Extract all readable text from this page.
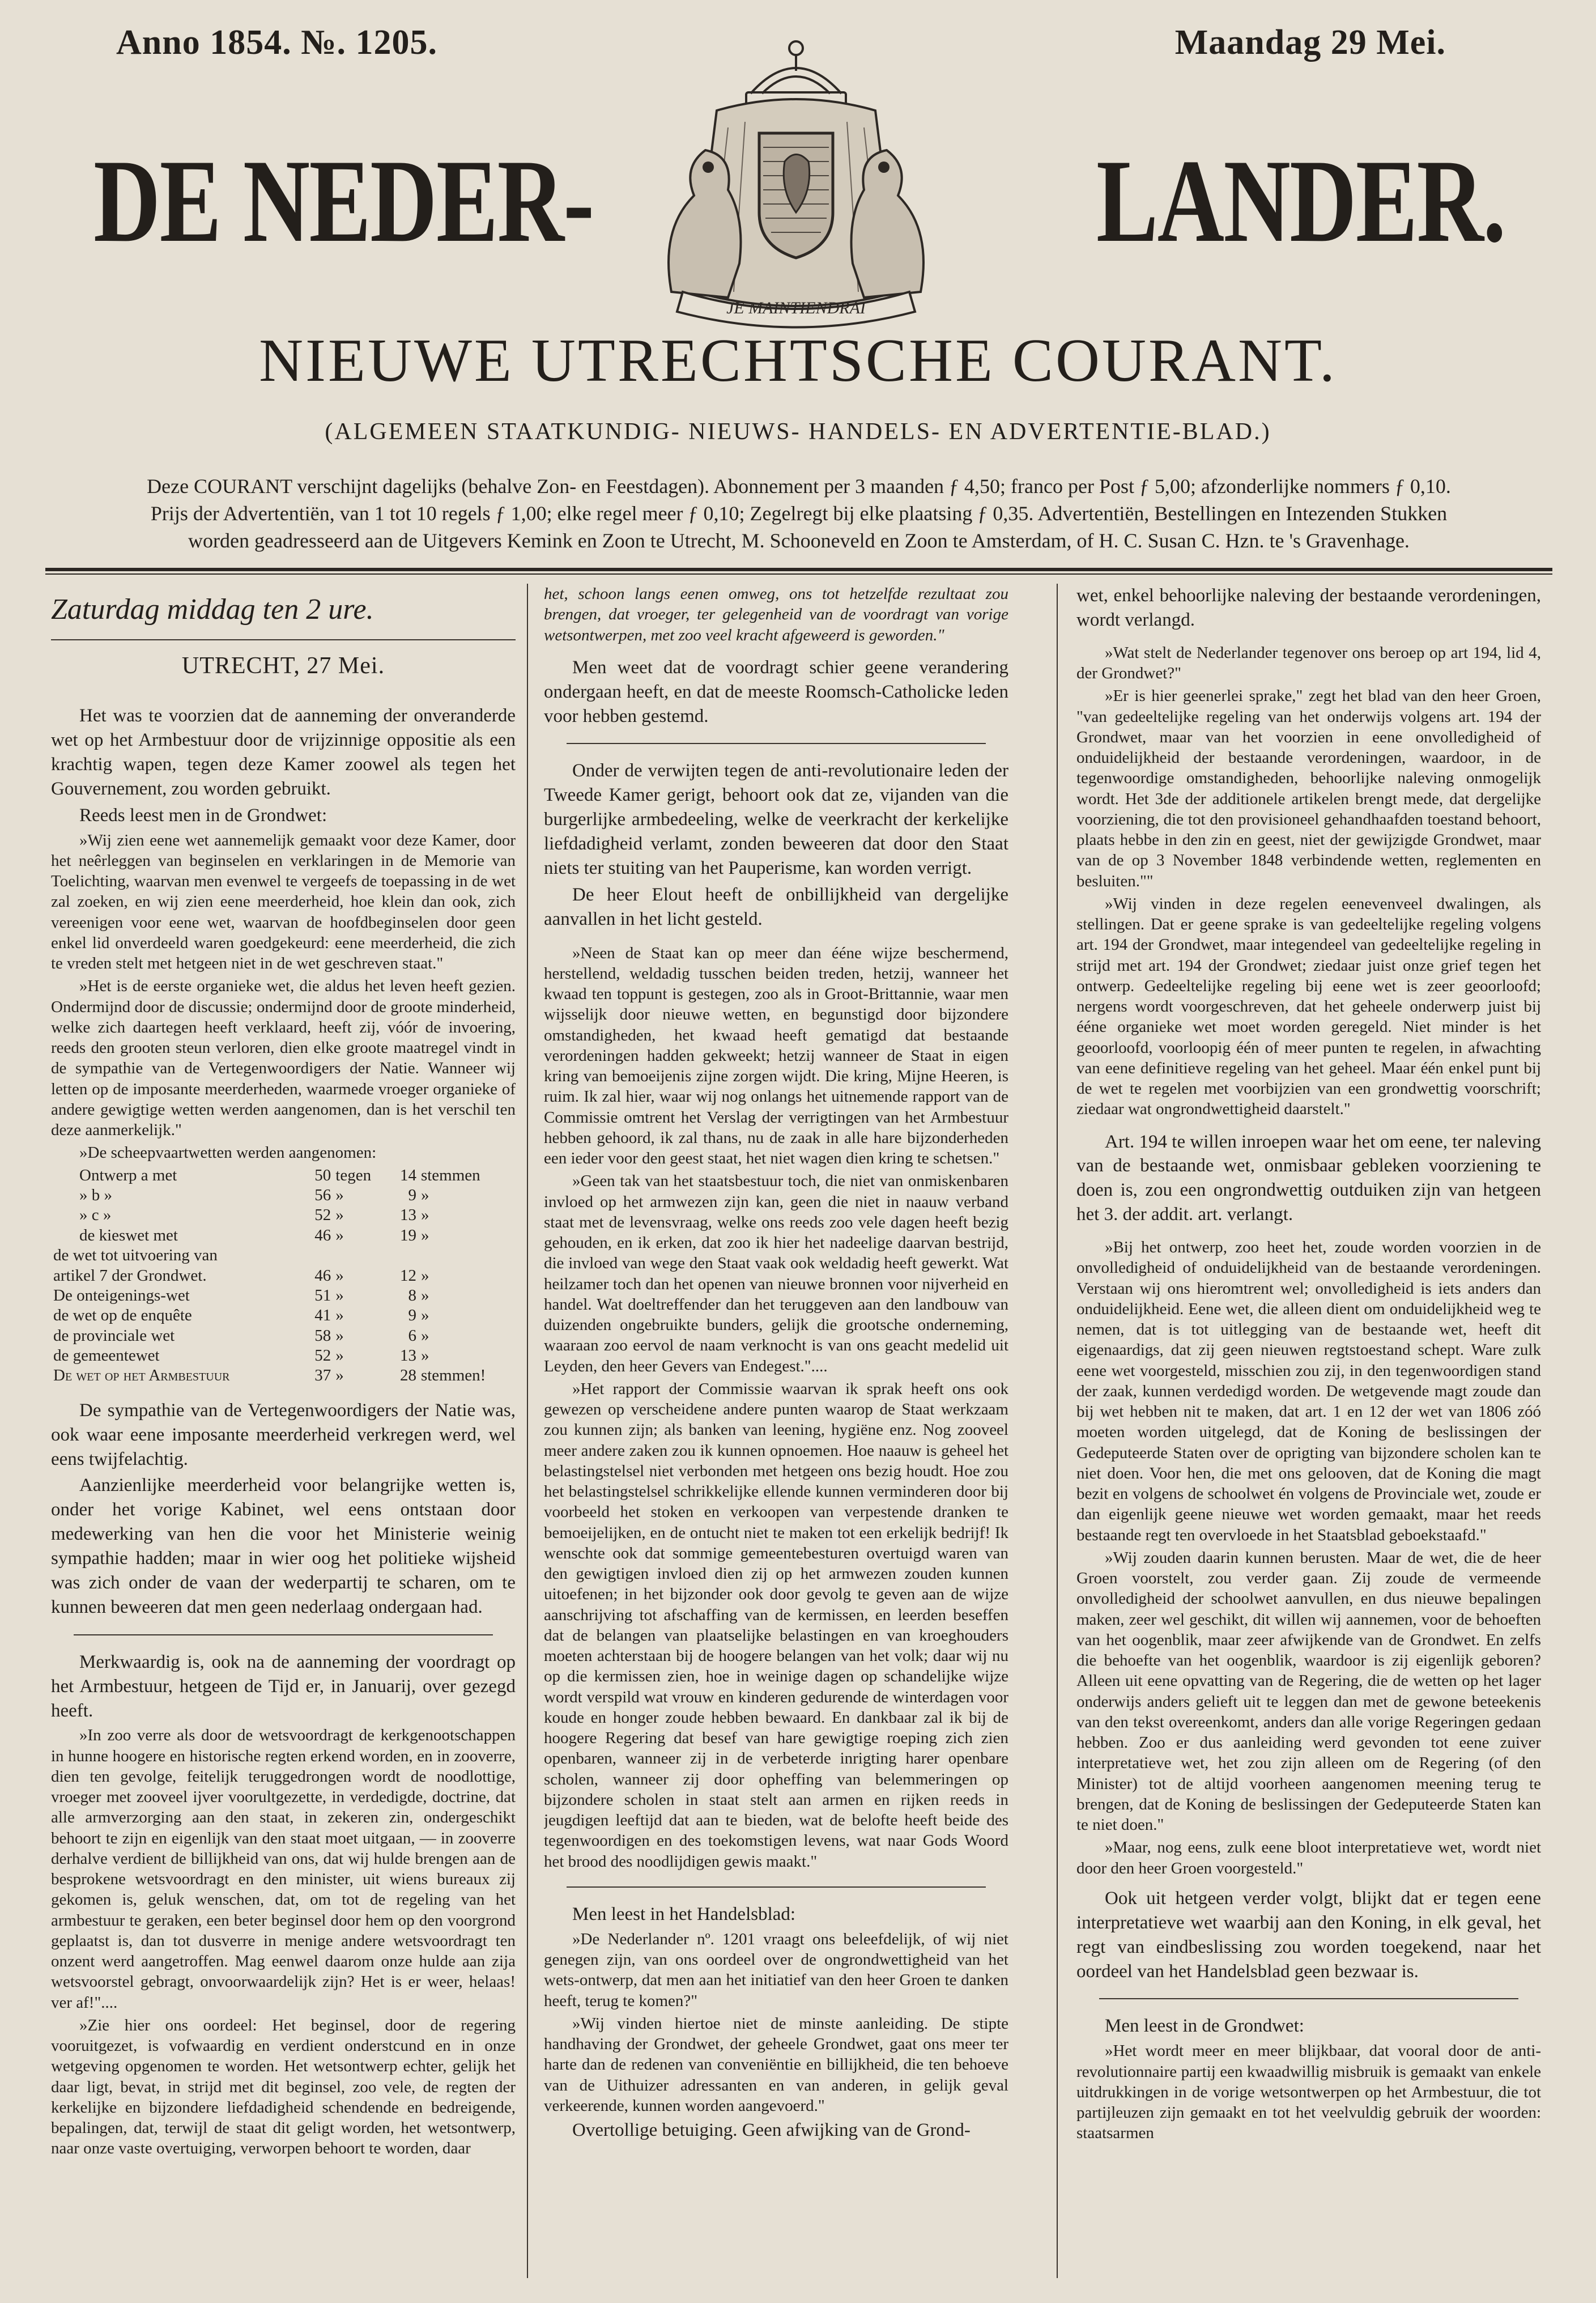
Anno 1854. №. 1205.	Maandag 29 Mei.
DE NEDER-	LANDER.
JE MAINTIENDRAI
NIEUWE UTRECHTSCHE COURANT.
(ALGEMEEN STAATKUNDIG- NIEUWS- HANDELS- EN ADVERTENTIE-BLAD.)
Deze COURANT verschijnt dagelijks (behalve Zon- en Feestdagen). Abonnement per 3 maanden ƒ 4,50; franco per Post ƒ 5,00; afzonderlijke nommers ƒ 0,10.
Prijs der Advertentiën, van 1 tot 10 regels ƒ 1,00; elke regel meer ƒ 0,10; Zegelregt bij elke plaatsing ƒ 0,35. Advertentiën, Bestellingen en Intezenden Stukken
worden geadresseerd aan de Uitgevers Kemink en Zoon te Utrecht, M. Schooneveld en Zoon te Amsterdam, of H. C. Susan C. Hzn. te 's Gravenhage.
Zaturdag middag ten 2 ure.
UTRECHT, 27 Mei.

Het was te voorzien dat de aanneming der onveranderde wet op het Armbestuur door de vrijzinnige oppositie als een krachtig wapen, tegen deze Kamer zoowel als tegen het Gouvernement, zou worden gebruikt.

Reeds leest men in de Grondwet:

»Wij zien eene wet aannemelijk gemaakt voor deze Kamer, door het neêrleggen van beginselen en verklaringen in de Memorie van Toelichting, waarvan men evenwel te vergeefs de toepassing in de wet zal zoeken, en wij zien eene meerderheid, hoe klein dan ook, zich vereenigen voor eene wet, waarvan de hoofdbeginselen door geen enkel lid onverdeeld waren goedgekeurd: eene meerderheid, die zich te vreden stelt met hetgeen niet in de wet geschreven staat."

»Het is de eerste organieke wet, die aldus het leven heeft gezien. Ondermijnd door de discussie; ondermijnd door de groote minderheid, welke zich daartegen heeft verklaard, heeft zij, vóór de invoering, reeds den grooten steun verloren, dien elke groote maatregel vindt in de sympathie van de Vertegenwoordigers der Natie. Wanneer wij letten op de imposante meerderheden, waarmede vroeger organieke of andere gewigtige wetten werden aangenomen, dan is het verschil ten deze aanmerkelijk."

»De scheepvaartwetten werden aangenomen:

Ontwerp a met	50	tegen	14	stemmen
» b »	56	»	9	»
» c »	52	»	13	»
de kieswet met	46	»	19	»
de wet tot uitvoering van				
artikel 7 der Grondwet.	46	»	12	»
De onteigenings-wet	51	»	8	»
de wet op de enquête	41	»	9	»
de provinciale wet	58	»	6	»
de gemeentewet	52	»	13	»
De wet op het Armbestuur	37	»	28	stemmen!

De sympathie van de Vertegenwoordigers der Natie was, ook waar eene imposante meerderheid verkregen werd, wel eens twijfelachtig.

Aanzienlijke meerderheid voor belangrijke wetten is, onder het vorige Kabinet, wel eens ontstaan door medewerking van hen die voor het Ministerie weinig sympathie hadden; maar in wier oog het politieke wijsheid was zich onder de vaan der wederpartij te scharen, om te kunnen beweeren dat men geen nederlaag ondergaan had.

Merkwaardig is, ook na de aanneming der voordragt op het Armbestuur, hetgeen de Tijd er, in Januarij, over gezegd heeft.

»In zoo verre als door de wetsvoordragt de kerkgenootschappen in hunne hoogere en historische regten erkend worden, en in zooverre, dien ten gevolge, feitelijk teruggedrongen wordt de noodlottige, vroeger met zooveel ijver voorultgezette, in verdedigde, doctrine, dat alle armverzorging aan den staat, in zekeren zin, ondergeschikt behoort te zijn en eigenlijk van den staat moet uitgaan, — in zooverre derhalve verdient de billijkheid van ons, dat wij hulde brengen aan de besprokene wetsvoordragt en den minister, uit wiens bureaux zij gekomen is, geluk wenschen, dat, om tot de regeling van het armbestuur te geraken, een beter beginsel door hem op den voorgrond geplaatst is, dan tot dusverre in menige andere wetsvoordragt ten onzent werd aangetroffen. Mag eenwel daarom onze hulde aan zija wetsvoorstel gebragt, onvoorwaardelijk zijn? Het is er weer, helaas! ver af!"....

»Zie hier ons oordeel: Het beginsel, door de regering vooruitgezet, is vofwaardig en verdient onderstcund en in onze wetgeving opgenomen te worden. Het wetsontwerp echter, gelijk het daar ligt, bevat, in strijd met dit beginsel, zoo vele, de regten der kerkelijke en bijzondere liefdadigheid schendende en bedreigende, bepalingen, dat, terwijl de staat dit geligt worden, het wetsontwerp, naar onze vaste overtuiging, verworpen behoort te worden, daar

het, schoon langs eenen omweg, ons tot hetzelfde rezultaat zou brengen, dat vroeger, ter gelegenheid van de voordragt van vorige wetsontwerpen, met zoo veel kracht afgeweerd is geworden."

Men weet dat de voordragt schier geene verandering ondergaan heeft, en dat de meeste Roomsch-Catholicke leden voor hebben gestemd.

Onder de verwijten tegen de anti-revolutionaire leden der Tweede Kamer gerigt, behoort ook dat ze, vijanden van die burgerlijke armbedeeling, welke de veerkracht der kerkelijke liefdadigheid verlamt, zonden beweeren dat door den Staat niets ter stuiting van het Pauperisme, kan worden verrigt.

De heer Elout heeft de onbillijkheid van dergelijke aanvallen in het licht gesteld.

»Neen de Staat kan op meer dan ééne wijze beschermend, herstellend, weldadig tusschen beiden treden, hetzij, wanneer het kwaad ten toppunt is gestegen, zoo als in Groot-Brittannie, waar men wijsselijk door nieuwe wetten, en begunstigd door bijzondere omstandigheden, het kwaad heeft gematigd dat bestaande verordeningen hadden gekweekt; hetzij wanneer de Staat in eigen kring van bemoeijenis zijne zorgen wijdt. Die kring, Mijne Heeren, is ruim. Ik zal hier, waar wij nog onlangs het uitnemende rapport van de Commissie omtrent het Verslag der verrigtingen van het Armbestuur hebben gehoord, ik zal thans, nu de zaak in alle hare bijzonderheden een ieder voor den geest staat, het niet wagen dien kring te schetsen."

»Geen tak van het staatsbestuur toch, die niet van onmiskenbaren invloed op het armwezen zijn kan, geen die niet in naauw verband staat met de levensvraag, welke ons reeds zoo vele dagen heeft bezig gehouden, en ik erken, dat zoo ik hier het nadeelige daarvan bestrijd, die invloed van wege den Staat vaak ook weldadig heeft gewerkt. Wat heilzamer toch dan het openen van nieuwe bronnen voor nijverheid en handel. Wat doeltreffender dan het teruggeven aan den landbouw van duizenden ongebruikte bunders, gelijk die grootsche onderneming, waaraan zoo eervol de naam verknocht is van ons geacht medelid uit Leyden, den heer Gevers van Endegest."....

»Het rapport der Commissie waarvan ik sprak heeft ons ook gewezen op verscheidene andere punten waarop de Staat werkzaam zou kunnen zijn; als banken van leening, hygiëne enz. Nog zooveel meer andere zaken zou ik kunnen opnoemen. Hoe naauw is geheel het belastingstelsel niet verbonden met hetgeen ons bezig houdt. Hoe zou het belastingstelsel schrikkelijke ellende kunnen verminderen door bij voorbeeld het stoken en verkoopen van verpestende dranken te bemoeijelijken, en de ontucht niet te maken tot een erkelijk bedrijf! Ik wenschte ook dat sommige gemeentebesturen overtuigd waren van den gewigtigen invloed dien zij op het armwezen zouden kunnen uitoefenen; in het bijzonder ook door gevolg te geven aan de wijze aanschrijving tot afschaffing van de kermissen, en leerden beseffen dat de belangen van plaatselijke belastingen en van kroeghouders moeten achterstaan bij de hoogere belangen van het volk; daar wij nu op die kermissen zien, hoe in weinige dagen op schandelijke wijze wordt verspild wat vrouw en kinderen gedurende de winterdagen voor koude en honger zoude hebben bewaard. En dankbaar zal ik bij de hoogere Regering dat besef van hare gewigtige roeping zich zien openbaren, wanneer zij in de verbeterde inrigting harer openbare scholen, wanneer zij door opheffing van belemmeringen op bijzondere scholen in staat stelt aan armen en rijken reeds in jeugdigen leeftijd dat aan te bieden, wat de belofte heeft beide des tegenwoordigen en des toekomstigen levens, wat naar Gods Woord het brood des noodlijdigen gewis maakt."

Men leest in het Handelsblad:

»De Nederlander nº. 1201 vraagt ons beleefdelijk, of wij niet genegen zijn, van ons oordeel over de ongrondwettigheid van het wets-ontwerp, dat men aan het initiatief van den heer Groen te danken heeft, terug te komen?"

»Wij vinden hiertoe niet de minste aanleiding. De stipte handhaving der Grondwet, der geheele Grondwet, gaat ons meer ter harte dan de redenen van conveniëntie en billijkheid, die ten behoeve van de Uithuizer adressanten en van anderen, in gelijk geval verkeerende, kunnen worden aangevoerd."

Overtollige betuiging. Geen afwijking van de Grond-

wet, enkel behoorlijke naleving der bestaande verordeningen, wordt verlangd.

»Wat stelt de Nederlander tegenover ons beroep op art 194, lid 4, der Grondwet?"

»Er is hier geenerlei sprake," zegt het blad van den heer Groen, "van gedeeltelijke regeling van het onderwijs volgens art. 194 der Grondwet, maar van het voorzien in eene onvolledigheid of onduidelijkheid der bestaande verordeningen, waardoor, in de tegenwoordige omstandigheden, behoorlijke naleving onmogelijk wordt. Het 3de der additionele artikelen brengt mede, dat dergelijke voorziening, die tot den provisioneel gehandhaafden toestand behoort, plaats hebbe in den zin en geest, niet der gewijzigde Grondwet, maar van de op 3 November 1848 verbindende wetten, reglementen en besluiten.""

»Wij vinden in deze regelen eenevenveel dwalingen, als stellingen. Dat er geene sprake is van gedeeltelijke regeling volgens art. 194 der Grondwet, maar integendeel van gedeeltelijke regeling in strijd met art. 194 der Grondwet; ziedaar juist onze grief tegen het ontwerp. Gedeeltelijke regeling bij eene wet is zeer geoorloofd; nergens wordt voorgeschreven, dat het geheele onderwerp juist bij ééne organieke wet moet worden geregeld. Niet minder is het geoorloofd, voorloopig één of meer punten te regelen, in afwachting van eene definitieve regeling van het geheel. Maar één enkel punt bij de wet te regelen met voorbijzien van een grondwettig voorschrift; ziedaar wat ongrondwettigheid daarstelt."

Art. 194 te willen inroepen waar het om eene, ter naleving van de bestaande wet, onmisbaar gebleken voorziening te doen is, zou een ongrondwettig outduiken zijn van hetgeen het 3. der addit. art. verlangt.

»Bij het ontwerp, zoo heet het, zoude worden voorzien in de onvolledigheid of onduidelijkheid van de bestaande verordeningen. Verstaan wij ons hieromtrent wel; onvolledigheid is iets anders dan onduidelijkheid. Eene wet, die alleen dient om onduidelijkheid weg te nemen, dat is tot uitlegging van de bestaande wet, heeft dit eigenaardigs, dat zij geen nieuwen regtstoestand schept. Ware zulk eene wet voorgesteld, misschien zou zij, in den tegenwoordigen stand der zaak, kunnen verdedigd worden. De wetgevende magt zoude dan bij wet hebben nit te maken, dat art. 1 en 12 der wet van 1806 zóó moeten worden uitgelegd, dat de Koning de beslissingen der Gedeputeerde Staten over de oprigting van bijzondere scholen kan te niet doen. Voor hen, die met ons gelooven, dat de Koning die magt bezit en volgens de schoolwet én volgens de Provinciale wet, zoude er dan eigenlijk geene nieuwe wet worden gemaakt, maar het reeds bestaande regt ten overvloede in het Staatsblad geboekstaafd."

»Wij zouden daarin kunnen berusten. Maar de wet, die de heer Groen voorstelt, zou verder gaan. Zij zoude de vermeende onvolledigheid der schoolwet aanvullen, en dus nieuwe bepalingen maken, zeer wel geschikt, dit willen wij aannemen, voor de behoeften van het oogenblik, maar zeer afwijkende van de Grondwet. En zelfs die behoefte van het oogenblik, waardoor is zij eigenlijk geboren? Alleen uit eene opvatting van de Regering, die de wetten op het lager onderwijs anders gelieft uit te leggen dan met de gewone beteekenis van den tekst overeenkomt, anders dan alle vorige Regeringen gedaan hebben. Zoo er dus aanleiding werd gevonden tot eene zuiver interpretatieve wet, het zou zijn alleen om de Regering (of den Minister) tot de altijd voorheen aangenomen meening terug te brengen, dat de Koning de beslissingen der Gedeputeerde Staten kan te niet doen."

»Maar, nog eens, zulk eene bloot interpretatieve wet, wordt niet door den heer Groen voorgesteld."

Ook uit hetgeen verder volgt, blijkt dat er tegen eene interpretatieve wet waarbij aan den Koning, in elk geval, het regt van eindbeslissing zou worden toegekend, naar het oordeel van het Handelsblad geen bezwaar is.

Men leest in de Grondwet:

»Het wordt meer en meer blijkbaar, dat vooral door de anti-revolutionnaire partij een kwaadwillig misbruik is gemaakt van enkele uitdrukkingen in de vorige wetsontwerpen op het Armbestuur, die tot partijleuzen zijn gemaakt en tot het veelvuldig gebruik der woorden: staatsarmen
